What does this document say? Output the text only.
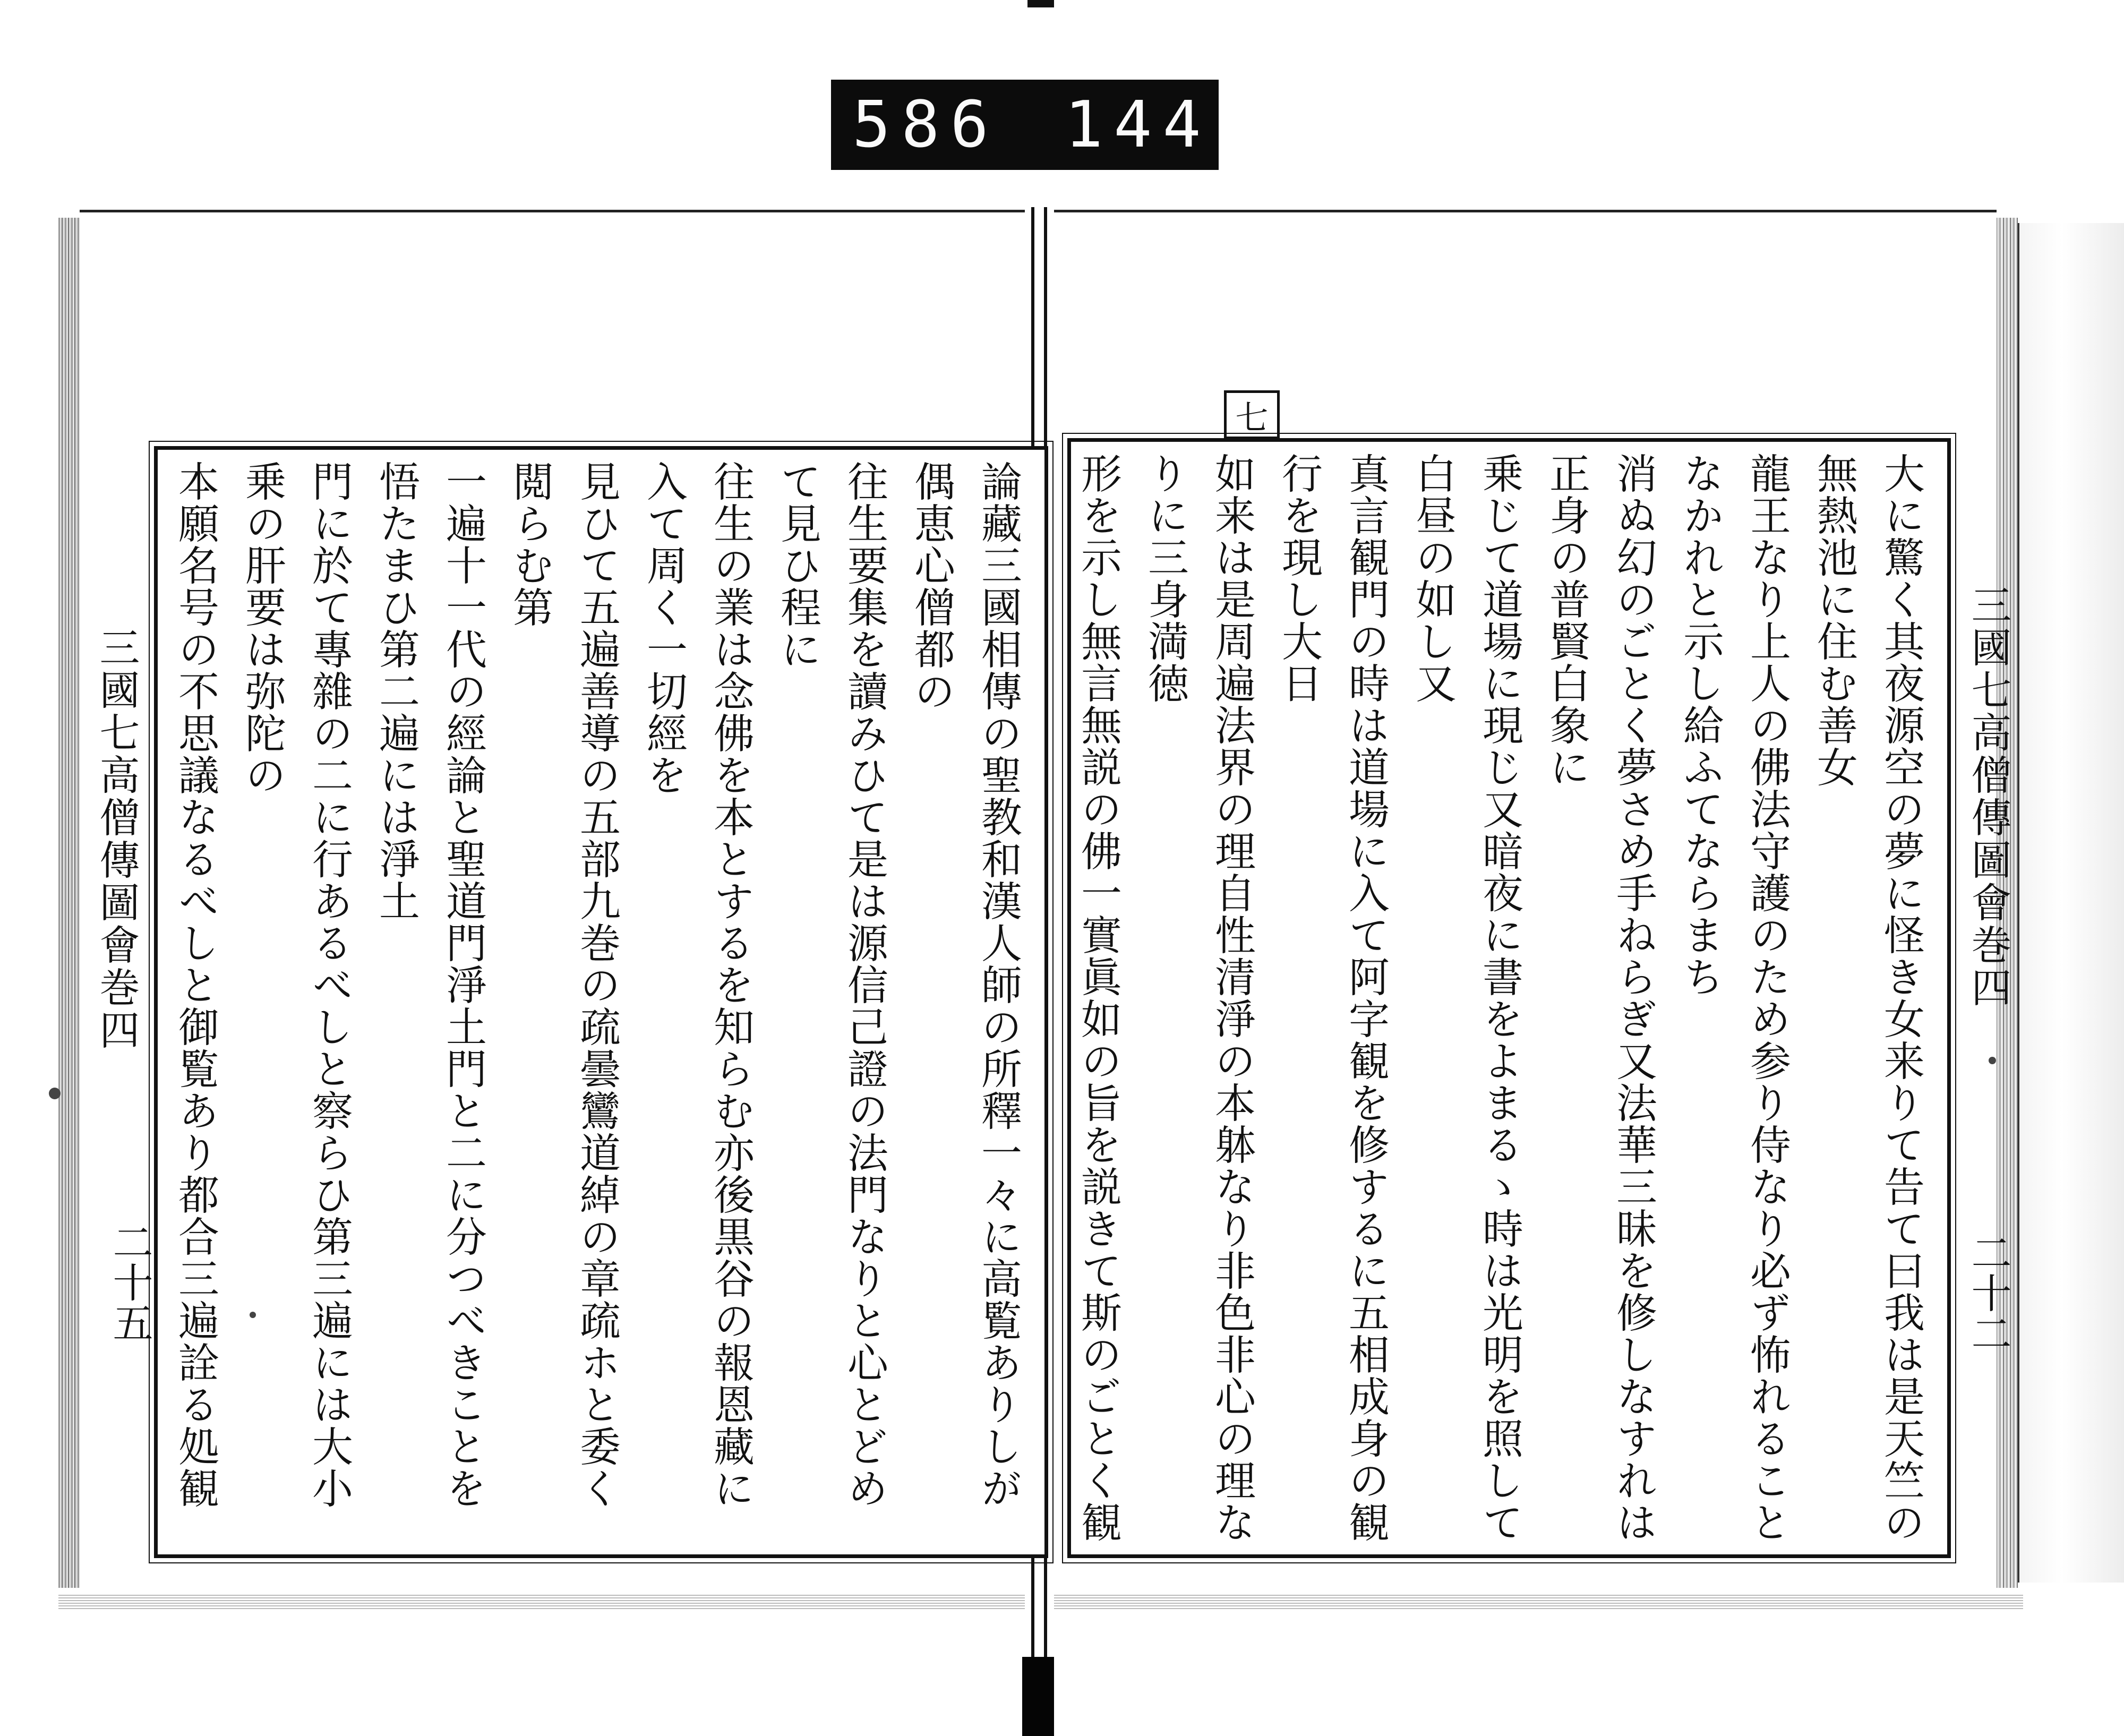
586 144
三國七高僧傳圖會巻四
二十五
三國七高僧傳圖會巻四
二十二
七
論藏三國相傳の聖教和漢人師の所釋一々に高覧ありしが偶恵心僧都の
往生要集を讀みひて是は源信己證の法門なりと心とどめて見ひ程に
往生の業は念佛を本とするを知らむ亦後黒谷の報恩藏に入て周く一切經を
見ひて五遍善導の五部九巻の疏曇鸞道綽の章疏ホと委く閲らむ第
一遍十一代の經論と聖道門淨土門と二に分つべきことを悟たまひ第二遍には淨土
門に於て專雜の二に行あるべしと察らひ第三遍には大小乗の肝要は弥陀の
本願名号の不思議なるべしと御覧あり都合三遍詮る処観	大に驚く其夜源空の夢に怪き女来りて告て曰我は是天竺の無熱池に住む善女
龍王なり上人の佛法守護のため参り侍なり必ず怖れることなかれと示し給ふてならまち
消ぬ幻のごとく夢さめ手ねらぎ又法華三昧を修しなすれは正身の普賢白象に
乗じて道場に現じ又暗夜に書をよまるゝ時は光明を照して白昼の如し又
真言観門の時は道場に入て阿字観を修するに五相成身の観行を現し大日
如来は是周遍法界の理自性清淨の本躰なり非色非心の理なりに三身満徳
形を示し無言無説の佛一實眞如の旨を説きて斯のごとく観
